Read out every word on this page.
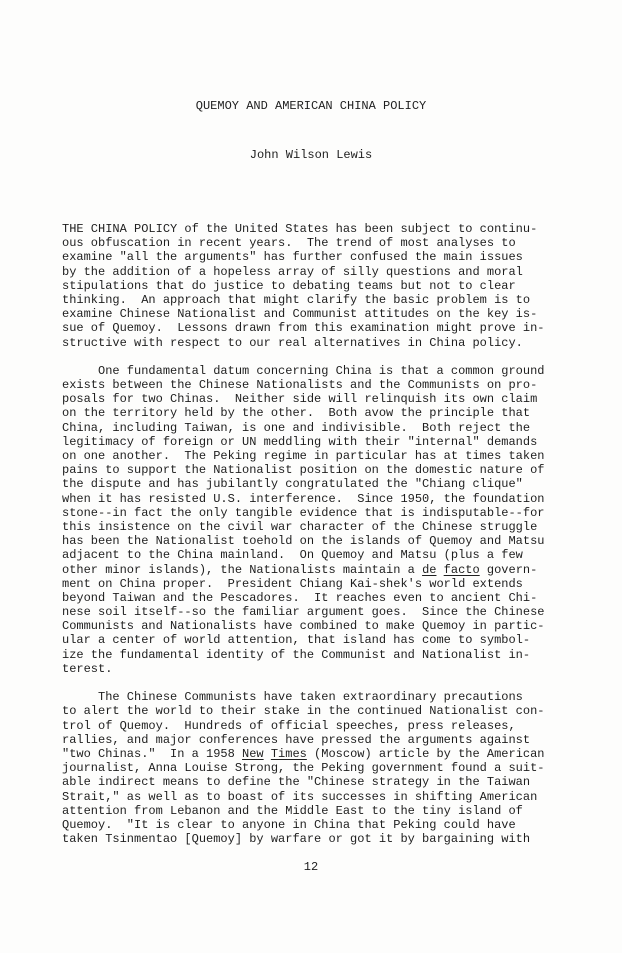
QUEMOY AND AMERICAN CHINA POLICY
John Wilson Lewis
THE CHINA POLICY of the United States has been subject to continu-
ous obfuscation in recent years.  The trend of most analyses to
examine "all the arguments" has further confused the main issues
by the addition of a hopeless array of silly questions and moral
stipulations that do justice to debating teams but not to clear
thinking.  An approach that might clarify the basic problem is to
examine Chinese Nationalist and Communist attitudes on the key is-
sue of Quemoy.  Lessons drawn from this examination might prove in-
structive with respect to our real alternatives in China policy.
One fundamental datum concerning China is that a common ground
exists between the Chinese Nationalists and the Communists on pro-
posals for two Chinas.  Neither side will relinquish its own claim
on the territory held by the other.  Both avow the principle that
China, including Taiwan, is one and indivisible.  Both reject the
legitimacy of foreign or UN meddling with their "internal" demands
on one another.  The Peking regime in particular has at times taken
pains to support the Nationalist position on the domestic nature of
the dispute and has jubilantly congratulated the "Chiang clique"
when it has resisted U.S. interference.  Since 1950, the foundation
stone--in fact the only tangible evidence that is indisputable--for
this insistence on the civil war character of the Chinese struggle
has been the Nationalist toehold on the islands of Quemoy and Matsu
adjacent to the China mainland.  On Quemoy and Matsu (plus a few
other minor islands), the Nationalists maintain a de facto govern-
ment on China proper.  President Chiang Kai-shek's world extends
beyond Taiwan and the Pescadores.  It reaches even to ancient Chi-
nese soil itself--so the familiar argument goes.  Since the Chinese
Communists and Nationalists have combined to make Quemoy in partic-
ular a center of world attention, that island has come to symbol-
ize the fundamental identity of the Communist and Nationalist in-
terest.
The Chinese Communists have taken extraordinary precautions
to alert the world to their stake in the continued Nationalist con-
trol of Quemoy.  Hundreds of official speeches, press releases,
rallies, and major conferences have pressed the arguments against
"two Chinas."  In a 1958 New Times (Moscow) article by the American
journalist, Anna Louise Strong, the Peking government found a suit-
able indirect means to define the "Chinese strategy in the Taiwan
Strait," as well as to boast of its successes in shifting American
attention from Lebanon and the Middle East to the tiny island of
Quemoy.  "It is clear to anyone in China that Peking could have
taken Tsinmentao [Quemoy] by warfare or got it by bargaining with
12
